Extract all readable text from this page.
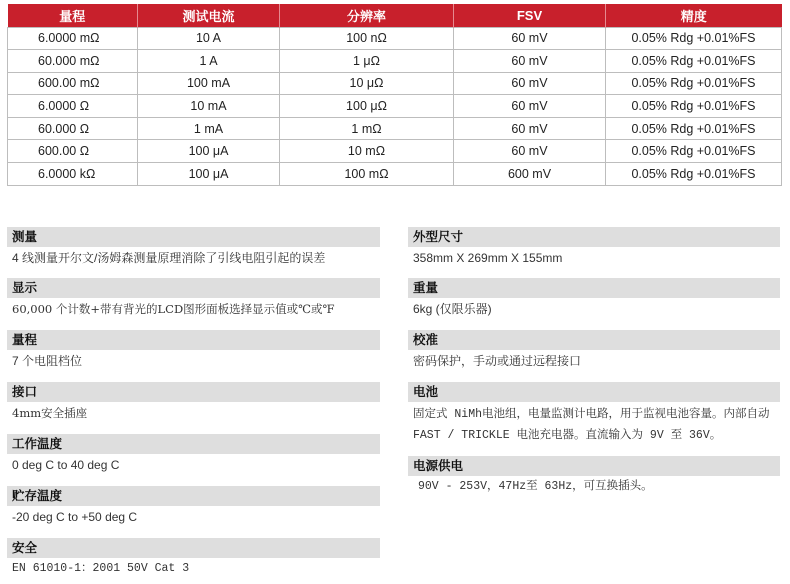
量程	测试电流	分辨率	FSV	精度
6.0000 mΩ	10 A	100 nΩ	60 mV	0.05% Rdg +0.01%FS
60.000 mΩ	1 A	1 μΩ	60 mV	0.05% Rdg +0.01%FS
600.00 mΩ	100 mA	10 μΩ	60 mV	0.05% Rdg +0.01%FS
6.0000 Ω	10 mA	100 μΩ	60 mV	0.05% Rdg +0.01%FS
60.000 Ω	1 mA	1 mΩ	60 mV	0.05% Rdg +0.01%FS
600.00 Ω	100 μA	10 mΩ	60 mV	0.05% Rdg +0.01%FS
6.0000 kΩ	100 μA	100 mΩ	600 mV	0.05% Rdg +0.01%FS
测量
4 线测量开尔文/汤姆森测量原理消除了引线电阻引起的误差
显示
60,000 个计数+带有背光的LCD图形面板选择显示值或℃或℉
量程
7 个电阻档位
接口
4mm安全插座
工作温度
0 deg C to 40 deg C
贮存温度
-20 deg C to +50 deg C
安全
EN 61010-1：2001 50V Cat 3
外型尺寸
358mm X 269mm X 155mm
重量
6kg (仅限乐器)
校准
密码保护，手动或通过远程接口
电池
固定式 NiMh电池组，电量监测计电路，用于监视电池容量。内部自动FAST / TRICKLE 电池充电器。直流输入为 9V 至 36V。
电源供电
90V - 253V，47Hz至 63Hz，可互换插头。
